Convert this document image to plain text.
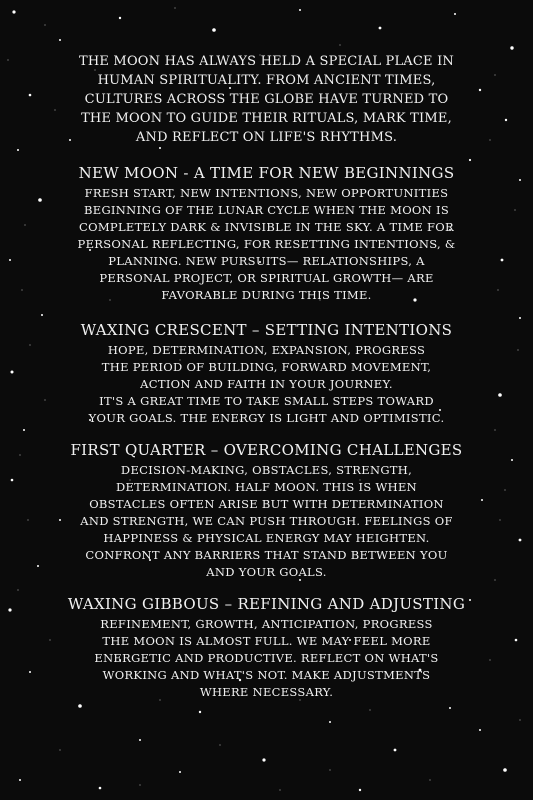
THE MOON HAS ALWAYS HELD A SPECIAL PLACE IN
HUMAN SPIRITUALITY. FROM ANCIENT TIMES,
CULTURES ACROSS THE GLOBE HAVE TURNED TO
THE MOON TO GUIDE THEIR RITUALS, MARK TIME,
AND REFLECT ON LIFE'S RHYTHMS.
NEW MOON - A TIME FOR NEW BEGINNINGS
FRESH START, NEW INTENTIONS, NEW OPPORTUNITIES
BEGINNING OF THE LUNAR CYCLE WHEN THE MOON IS
COMPLETELY DARK & INVISIBLE IN THE SKY. A TIME FOR
PERSONAL REFLECTING, FOR RESETTING INTENTIONS, &
PLANNING. NEW PURSUITS— RELATIONSHIPS, A
PERSONAL PROJECT, OR SPIRITUAL GROWTH— ARE
FAVORABLE DURING THIS TIME.
WAXING CRESCENT – SETTING INTENTIONS
HOPE, DETERMINATION, EXPANSION, PROGRESS
THE PERIOD OF BUILDING, FORWARD MOVEMENT,
ACTION AND FAITH IN YOUR JOURNEY.
IT'S A GREAT TIME TO TAKE SMALL STEPS TOWARD
YOUR GOALS. THE ENERGY IS LIGHT AND OPTIMISTIC.
FIRST QUARTER – OVERCOMING CHALLENGES
DECISION-MAKING, OBSTACLES, STRENGTH,
DETERMINATION. HALF MOON. THIS IS WHEN
OBSTACLES OFTEN ARISE BUT WITH DETERMINATION
AND STRENGTH, WE CAN PUSH THROUGH. FEELINGS OF
HAPPINESS & PHYSICAL ENERGY MAY HEIGHTEN.
CONFRONT ANY BARRIERS THAT STAND BETWEEN YOU
AND YOUR GOALS.
WAXING GIBBOUS – REFINING AND ADJUSTING
REFINEMENT, GROWTH, ANTICIPATION, PROGRESS
THE MOON IS ALMOST FULL. WE MAY FEEL MORE
ENERGETIC AND PRODUCTIVE. REFLECT ON WHAT'S
WORKING AND WHAT'S NOT. MAKE ADJUSTMENTS
WHERE NECESSARY.
